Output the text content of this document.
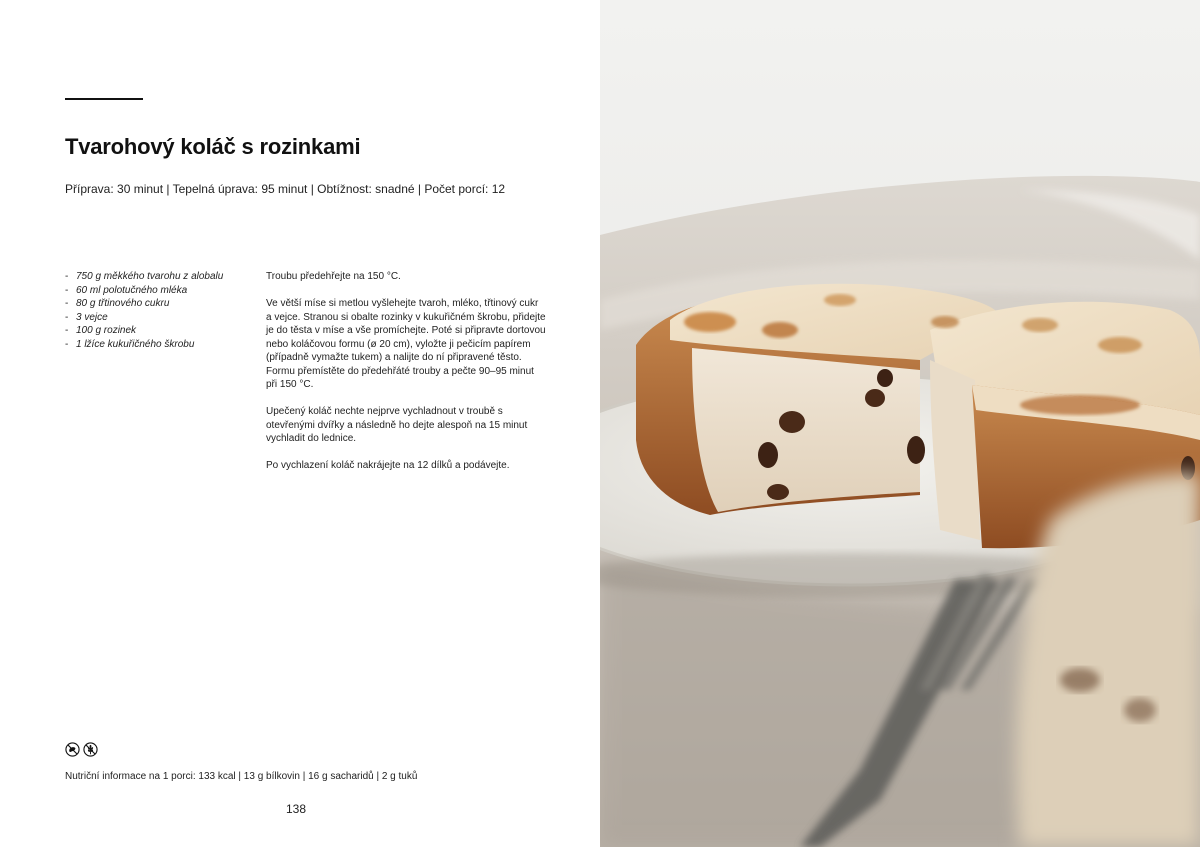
Tvarohový koláč s rozinkami
Příprava: 30 minut | Tepelná úprava: 95 minut | Obtížnost: snadné | Počet porcí: 12
- 750 g měkkého tvarohu z alobalu
- 60 ml polotučného mléka
- 80 g třtinového cukru
- 3 vejce
- 100 g rozinek
- 1 lžíce kukuřičného škrobu

Troubu předehřejte na 150 °C.

Ve větší míse si metlou vyšlehejte tvaroh, mléko, třtinový cukr a vejce. Stranou si obalte rozinky v kukuřičném škrobu, přidejte je do těsta v míse a vše promíchejte. Poté si připravte dortovou nebo koláčovou formu (ø 20 cm), vyložte ji pečicím papírem (případně vymažte tukem) a nalijte do ní připravené těsto. Formu přemístěte do předehřáté trouby a pečte 90–95 minut při 150 °C.

Upečený koláč nechte nejprve vychladnout v troubě s otevřenými dvířky a následně ho dejte alespoň na 15 minut vychladit do lednice.

Po vychlazení koláč nakrájejte na 12 dílků a podávejte.

Nutriční informace na 1 porci: 133 kcal | 13 g bílkovin | 16 g sacharidů | 2 g tuků
138
